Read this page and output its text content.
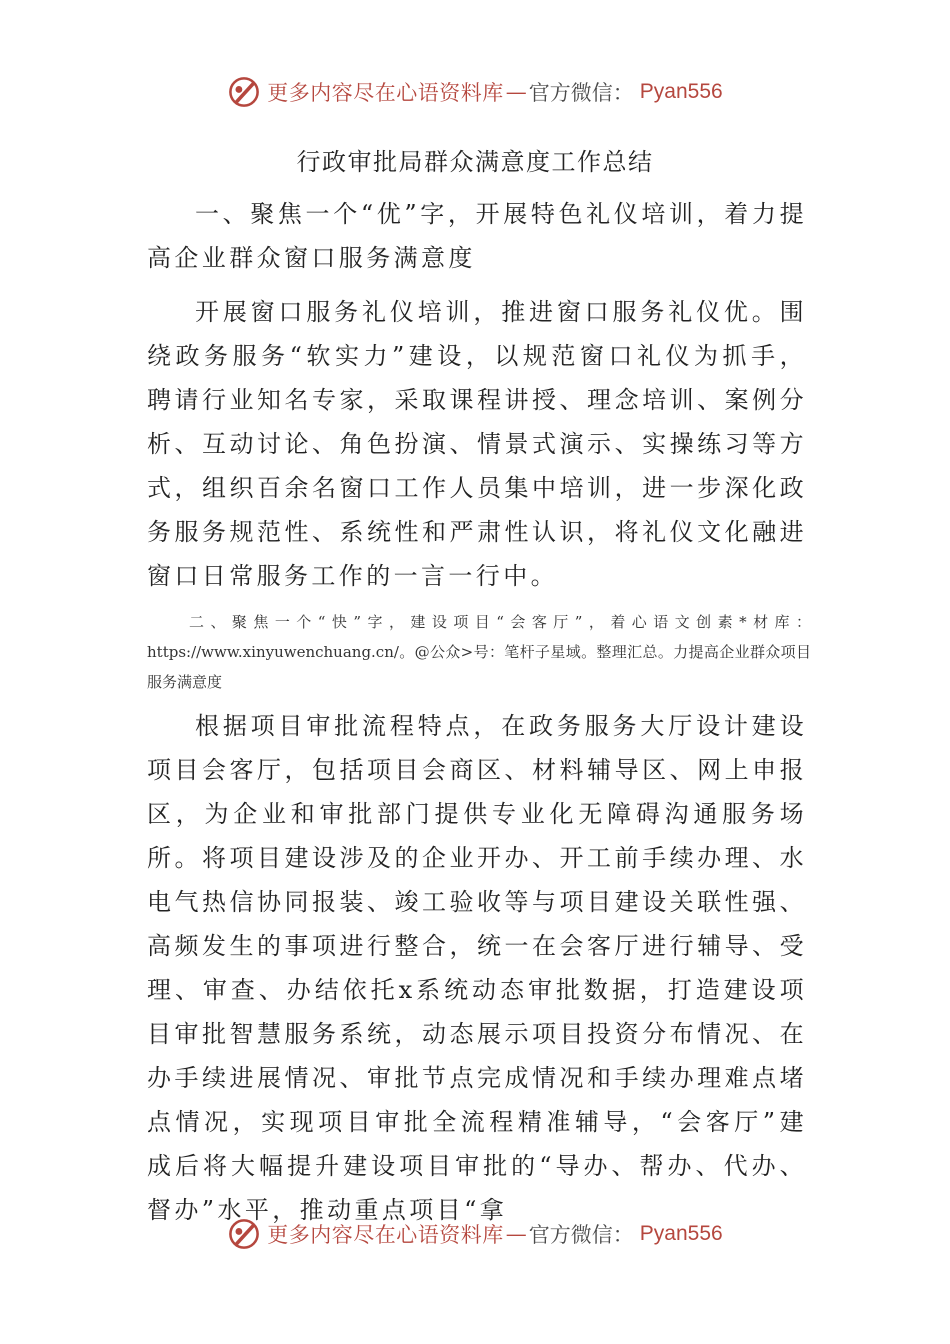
更多内容尽在心语资料库 — 官方微信： Pyan556
行政审批局群众满意度工作总结

一、聚焦一个“优”字，开展特色礼仪培训，着力提高企业群众窗口服务满意度

开展窗口服务礼仪培训，推进窗口服务礼仪优。围绕政务服务“软实力”建设，以规范窗口礼仪为抓手，聘请行业知名专家，采取课程讲授、理念培训、案例分析、互动讨论、角色扮演、情景式演示、实操练习等方式，组织百余名窗口工作人员集中培训，进一步深化政务服务规范性、系统性和严肃性认识，将礼仪文化融进窗口日常服务工作的一言一行中。

二、聚焦一个“快”字，建设项目“会客厅”，着心语文创素*材库：https://www.xinyuwenchuang.cn/。@公众>号：笔杆子星域。整理汇总。力提高企业群众项目服务满意度

根据项目审批流程特点，在政务服务大厅设计建设项目会客厅，包括项目会商区、材料辅导区、网上申报区，为企业和审批部门提供专业化无障碍沟通服务场所。将项目建设涉及的企业开办、开工前手续办理、水电气热信协同报装、竣工验收等与项目建设关联性强、高频发生的事项进行整合，统一在会客厅进行辅导、受理、审查、办结依托x系统动态审批数据，打造建设项目审批智慧服务系统，动态展示项目投资分布情况、在办手续进展情况、审批节点完成情况和手续办理难点堵点情况，实现项目审批全流程精准辅导，“会客厅”建成后将大幅提升建设项目审批的“导办、帮办、代办、督办”水平，推动重点项目“拿

更多内容尽在心语资料库 — 官方微信： Pyan556
